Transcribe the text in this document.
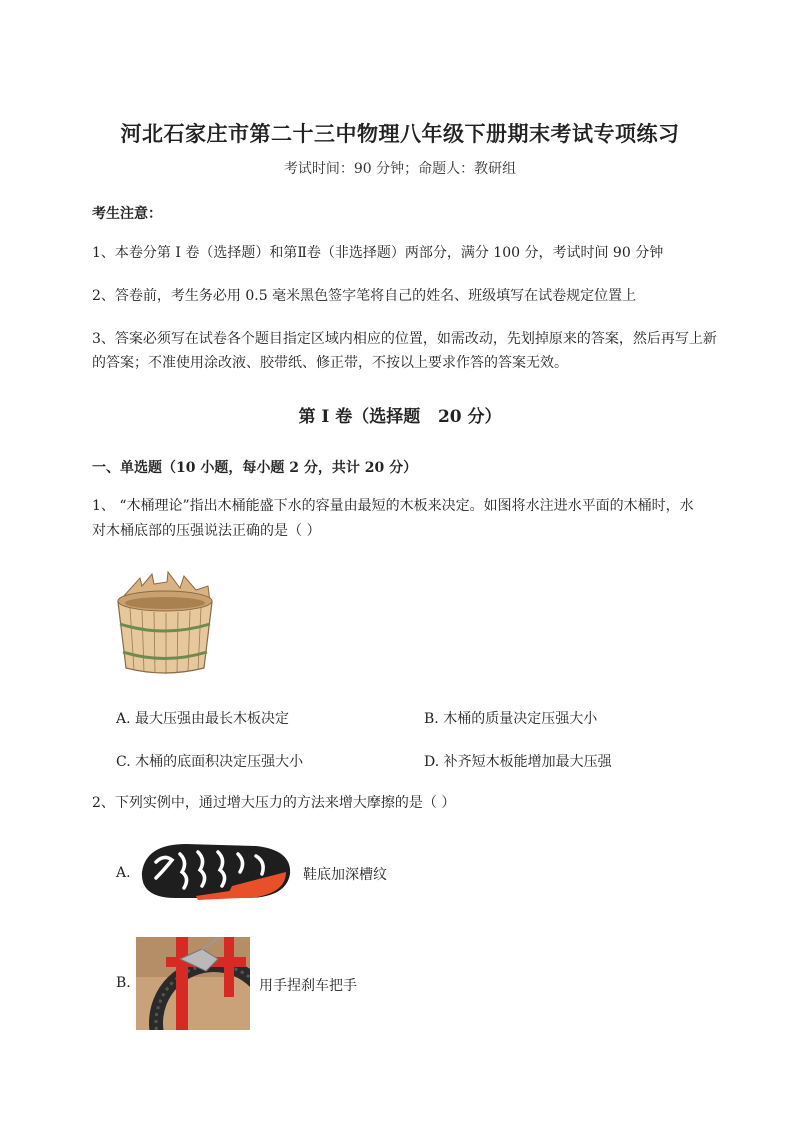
河北石家庄市第二十三中物理八年级下册期末考试专项练习
考试时间：90 分钟；命题人：教研组
考生注意：
1、本卷分第 I 卷（选择题）和第Ⅱ卷（非选择题）两部分，满分 100 分，考试时间 90 分钟
2、答卷前，考生务必用 0.5 毫米黑色签字笔将自己的姓名、班级填写在试卷规定位置上
3、答案必须写在试卷各个题目指定区域内相应的位置，如需改动，先划掉原来的答案，然后再写上新
的答案；不准使用涂改液、胶带纸、修正带，不按以上要求作答的答案无效。
第 I 卷（选择题   20 分）
一、单选题（10 小题，每小题 2 分，共计 20 分）
1、 “木桶理论”指出木桶能盛下水的容量由最短的木板来决定。如图将水注进水平面的木桶时，水
对木桶底部的压强说法正确的是（ ）
A. 最大压强由最长木板决定	B. 木桶的质量决定压强大小
C. 木桶的底面积决定压强大小	D. 补齐短木板能增加最大压强
2、下列实例中，通过增大压力的方法来增大摩擦的是（ ）
A.	鞋底加深槽纹
B.	用手捏刹车把手
